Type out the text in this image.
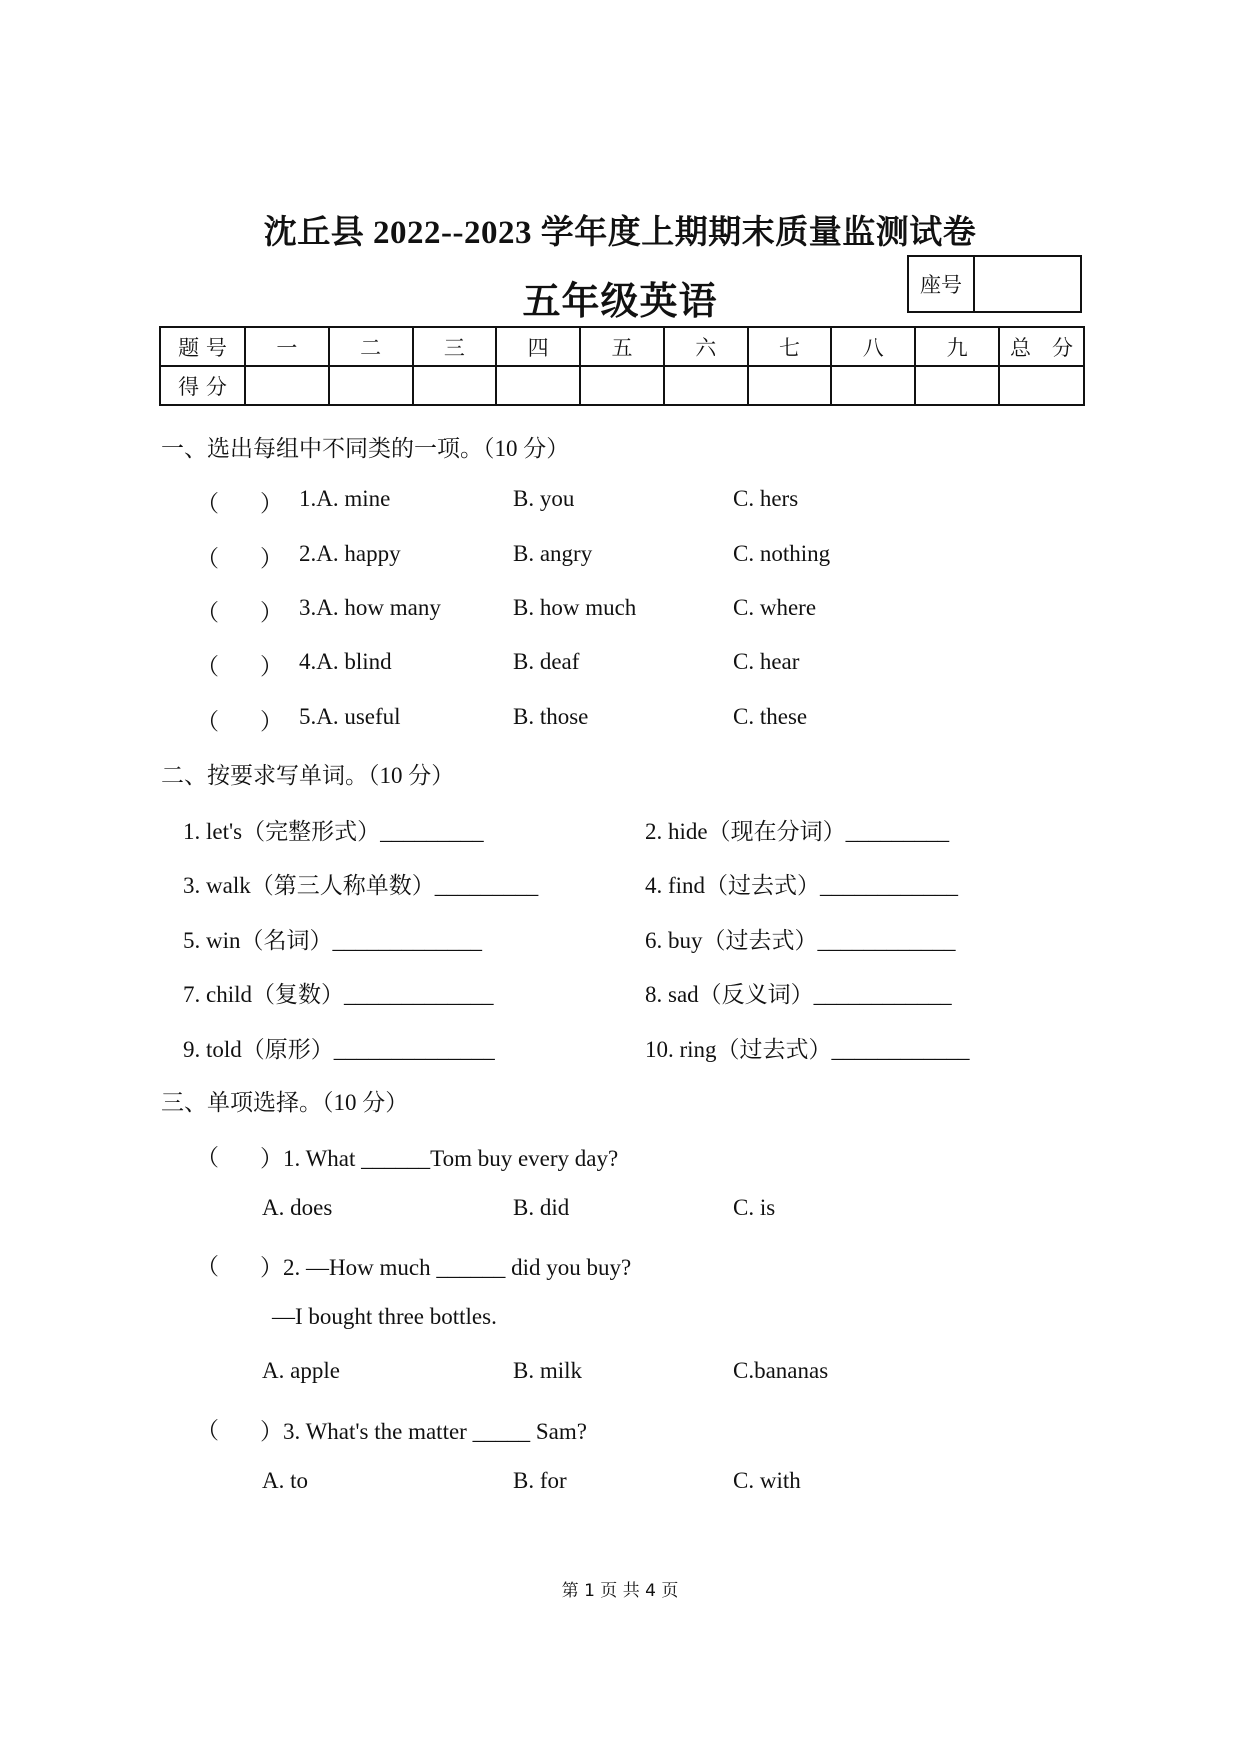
沈丘县 2022--2023 学年度上期期末质量监测试卷
五年级英语	座号
题 号	一	二	三	四	五	六	七	八	九	总　分
得 分										
一、选出每组中不同类的一项。（10 分）
（ ） 1.A. mine	B. you	C. hers
（ ） 2.A. happy	B. angry	C. nothing
（ ） 3.A. how many	B. how much	C. where
（ ） 4.A. blind	B. deaf	C. hear
（ ） 5.A. useful	B. those	C. these
二、按要求写单词。（10 分）
1. let's（完整形式）_________	2. hide（现在分词）_________
3. walk（第三人称单数）_________	4. find（过去式）____________
5. win（名词）_____________	6. buy（过去式）____________
7. child（复数）_____________	8. sad（反义词）____________
9. told（原形）______________	10. ring（过去式）____________
三、单项选择。（10 分）
（ ）1. What ______Tom buy every day?
A. does	B. did	C. is
（ ）2. —How much ______ did you buy?
—I bought three bottles.
A. apple	B. milk	C.bananas
（ ）3. What's the matter _____ Sam?
A. to	B. for	C. with
第 1 页 共 4 页
